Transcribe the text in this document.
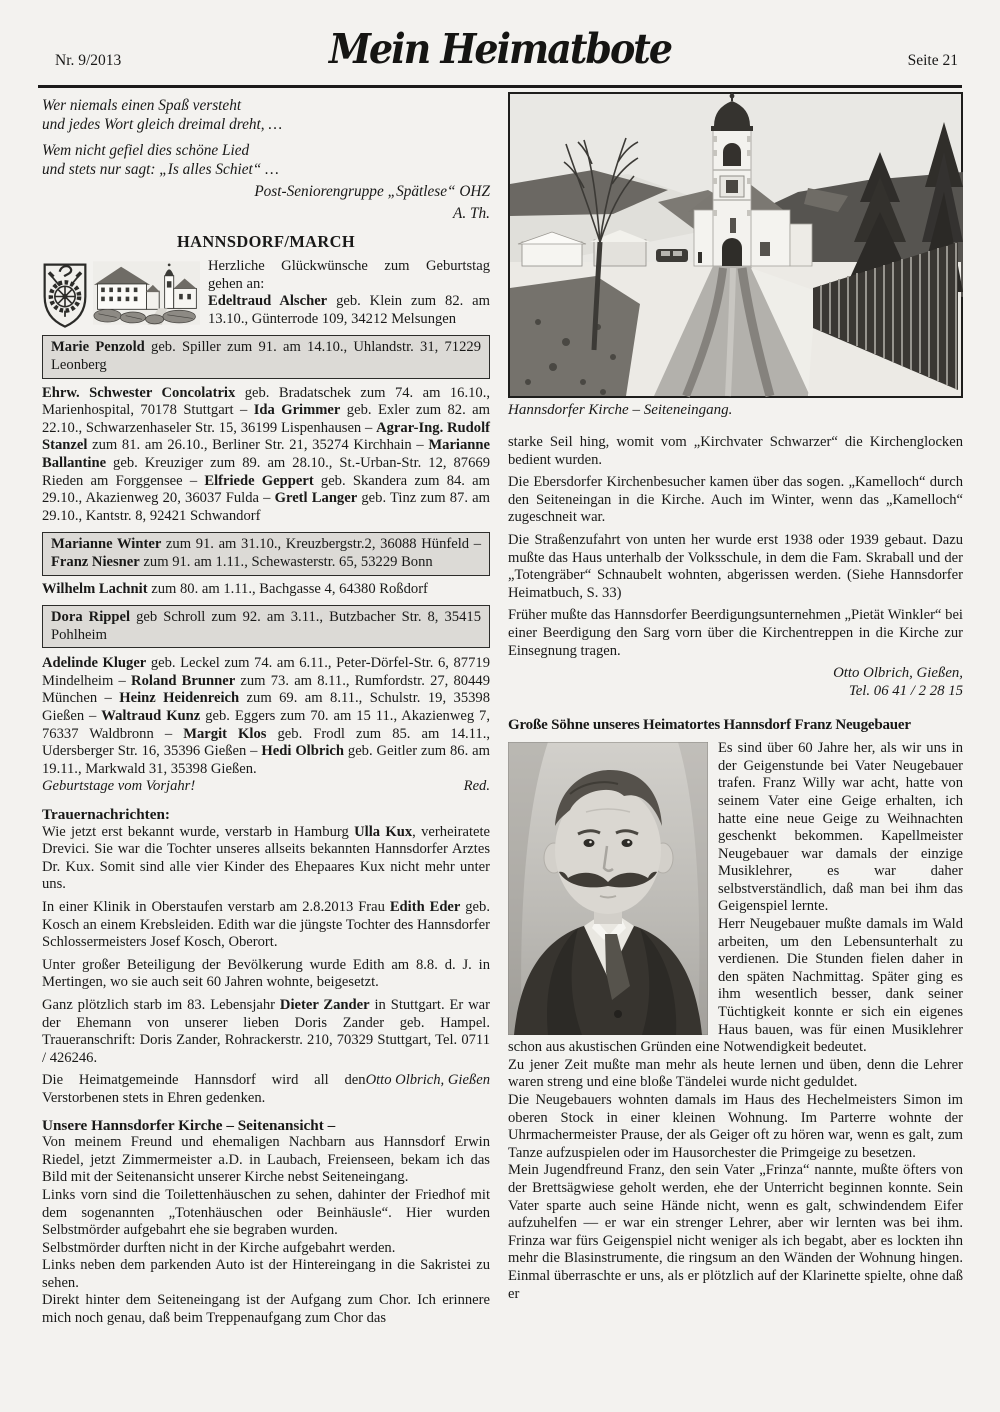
Nr. 9/2013	Mein Heimatbote	Seite 21

Wer niemals einen Spaß versteht

und jedes Wort gleich dreimal dreht, …

Wem nicht gefiel dies schöne Lied

und stets nur sagt: „Is alles Schiet“ …

Post-Seniorengruppe „Spätlese“ OHZ

A. Th.

HANNSDORF/MARCH

Herzliche Glückwünsche zum Geburtstag gehen an:

Edeltraud Alscher geb. Klein zum 82. am 13.10., Günterrode 109, 34212 Melsungen

Marie Penzold geb. Spiller zum 91. am 14.10., Uhlandstr. 31, 71229 Leonberg

Ehrw. Schwester Concolatrix geb. Bradatschek zum 74. am 16.10., Marienhospital, 70178 Stuttgart – Ida Grimmer geb. Exler zum 82. am 22.10., Schwarzenhaseler Str. 15, 36199 Lispenhausen – Agrar-Ing. Rudolf Stanzel zum 81. am 26.10., Berliner Str. 21, 35274 Kirchhain – Marianne Ballantine geb. Kreuziger zum 89. am 28.10., St.-Urban-Str. 12, 87669 Rieden am Forggensee – Elfriede Geppert geb. Skandera zum 84. am 29.10., Akazienweg 20, 36037 Fulda – Gretl Langer geb. Tinz zum 87. am 29.10., Kantstr. 8, 92421 Schwandorf

Marianne Winter zum 91. am 31.10., Kreuzbergstr.2, 36088 Hünfeld – Franz Niesner zum 91. am 1.11., Schewasterstr. 65, 53229 Bonn

Wilhelm Lachnit zum 80. am 1.11., Bachgasse 4, 64380 Roßdorf

Dora Rippel geb Schroll zum 92. am 3.11., Butzbacher Str. 8, 35415 Pohlheim

Adelinde Kluger geb. Leckel zum 74. am 6.11., Peter-Dörfel-Str. 6, 87719 Mindelheim – Roland Brunner zum 73. am 8.11., Rumfordstr. 27, 80449 München – Heinz Heidenreich zum 69. am 8.11., Schulstr. 19, 35398 Gießen – Waltraud Kunz geb. Eggers zum 70. am 15 11., Akazienweg 7, 76337 Waldbronn – Margit Klos geb. Frodl zum 85. am 14.11., Udersberger Str. 16, 35396 Gießen – Hedi Olbrich geb. Geitler zum 86. am 19.11., Markwald 31, 35398 Gießen.

Geburtstage vom Vorjahr!	Red.

Trauernachrichten:

Wie jetzt erst bekannt wurde, verstarb in Hamburg Ulla Kux, verheiratete Drevici. Sie war die Tochter unseres allseits bekannten Hannsdorfer Arztes Dr. Kux. Somit sind alle vier Kinder des Ehepaares Kux nicht mehr unter uns.

In einer Klinik in Oberstaufen verstarb am 2.8.2013 Frau Edith Eder geb. Kosch an einem Krebsleiden. Edith war die jüngste Tochter des Hannsdorfer Schlossermeisters Josef Kosch, Oberort.

Unter großer Beteiligung der Bevölkerung wurde Edith am 8.8. d. J. in Mertingen, wo sie auch seit 60 Jahren wohnte, beigesetzt.

Ganz plötzlich starb im 83. Lebensjahr Dieter Zander in Stuttgart. Er war der Ehemann von unserer lieben Doris Zander geb. Hampel. Traueranschrift: Doris Zander, Rohrackerstr. 210, 70329 Stuttgart, Tel. 0711 / 426246.

Otto Olbrich, Gießen
Die Heimatgemeinde Hannsdorf wird all den Verstorbenen stets in Ehren gedenken.

Unsere Hannsdorfer Kirche – Seitenansicht –

Von meinem Freund und ehemaligen Nachbarn aus Hannsdorf Erwin Riedel, jetzt Zimmermeister a.D. in Laubach, Freienseen, bekam ich das Bild mit der Seitenansicht unserer Kirche nebst Seiteneingang.

Links vorn sind die Toilettenhäuschen zu sehen, dahinter der Friedhof mit dem sogenannten „Totenhäuschen oder Beinhäusle“. Hier wurden Selbstmörder aufgebahrt ehe sie begraben wurden.

Selbstmörder durften nicht in der Kirche aufgebahrt werden.

Links neben dem parkenden Auto ist der Hintereingang in die Sakristei zu sehen.

Direkt hinter dem Seiteneingang ist der Aufgang zum Chor. Ich erinnere mich noch genau, daß beim Treppenaufgang zum Chor das

Hannsdorfer Kirche – Seiteneingang.

starke Seil hing, womit vom „Kirchvater Schwarzer“ die Kirchenglocken bedient wurden.

Die Ebersdorfer Kirchenbesucher kamen über das sogen. „Kamelloch“ durch den Seiteneingan in die Kirche. Auch im Winter, wenn das „Kamelloch“ zugeschneit war.

Die Straßenzufahrt von unten her wurde erst 1938 oder 1939 gebaut. Dazu mußte das Haus unterhalb der Volksschule, in dem die Fam. Skraball und der „Totengräber“ Schnaubelt wohnten, abgerissen werden. (Siehe Hannsdorfer Heimatbuch, S. 33)

Früher mußte das Hannsdorfer Beerdigungsunternehmen „Pietät Winkler“ bei einer Beerdigung den Sarg vorn über die Kirchentreppen in die Kirche zur Einsegnung tragen.

Otto Olbrich, Gießen,
Tel. 06 41 / 2 28 15
Große Söhne unseres Heimatortes Hannsdorf Franz Neugebauer

Es sind über 60 Jahre her, als wir uns in der Geigenstunde bei Vater Neugebauer trafen. Franz Willy war acht, hatte von seinem Vater eine Geige erhalten, ich hatte eine neue Geige zu Weihnachten geschenkt bekommen. Kapellmeister Neugebauer war damals der einzige Musiklehrer, es war daher selbstverständlich, daß man bei ihm das Geigenspiel lernte.

Herr Neugebauer mußte damals im Wald arbeiten, um den Lebensunterhalt zu verdienen. Die Stunden fielen daher in den späten Nachmittag. Später ging es ihm wesentlich besser, dank seiner Tüchtigkeit konnte er sich ein eigenes Haus bauen, was für einen Musiklehrer schon aus akustischen Gründen eine Notwendigkeit bedeutet.

Zu jener Zeit mußte man mehr als heute lernen und üben, denn die Lehrer waren streng und eine bloße Tändelei wurde nicht geduldet.

Die Neugebauers wohnten damals im Haus des Hechelmeisters Simon im oberen Stock in einer kleinen Wohnung. Im Parterre wohnte der Uhrmachermeister Prause, der als Geiger oft zu hören war, wenn es galt, zum Tanze aufzuspielen oder im Hausorchester die Primgeige zu besetzen.

Mein Jugendfreund Franz, den sein Vater „Frinza“ nannte, mußte öfters von der Brettsägwiese geholt werden, ehe der Unterricht beginnen konnte. Sein Vater sparte auch seine Hände nicht, wenn es galt, schwindendem Eifer aufzuhelfen — er war ein strenger Lehrer, aber wir lernten was bei ihm. Frinza war fürs Geigenspiel nicht weniger als ich begabt, aber es lockten ihn mehr die Blasinstrumente, die ringsum an den Wänden der Wohnung hingen. Einmal überraschte er uns, als er plötzlich auf der Klarinette spielte, ohne daß er
